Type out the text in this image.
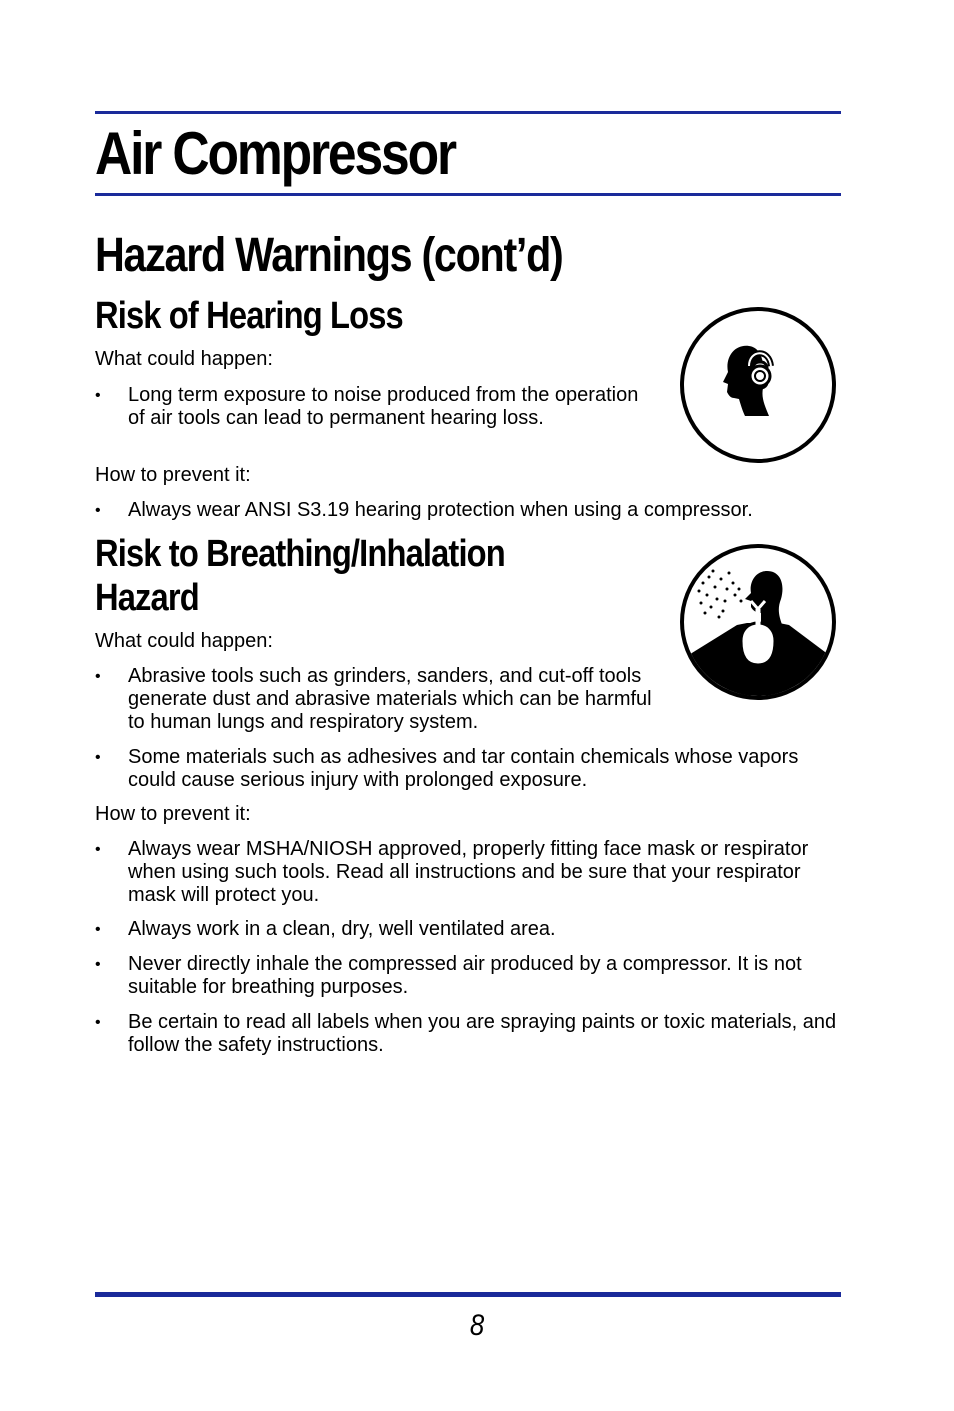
Air Compressor
Hazard Warnings (cont’d)
Risk of Hearing Loss

What could happen:

• Long term exposure to noise produced from the operation of air tools can lead to permanent hearing loss.

How to prevent it:

• Always wear ANSI S3.19 hearing protection when using a compressor.
Risk to Breathing/Inhalation
Hazard

What could happen:

• Abrasive tools such as grinders, sanders, and cut-off tools generate dust and abrasive materials which can be harmful to human lungs and respiratory system.
• Some materials such as adhesives and tar contain chemicals whose vapors could cause serious injury with prolonged exposure.

How to prevent it:

• Always wear MSHA/NIOSH approved, properly fitting face mask or respirator when using such tools. Read all instructions and be sure that your respirator mask will protect you.
• Always work in a clean, dry, well ventilated area.
• Never directly inhale the compressed air produced by a compressor. It is not suitable for breathing purposes.
• Be certain to read all labels when you are spraying paints or toxic materials, and follow the safety instructions.
8
